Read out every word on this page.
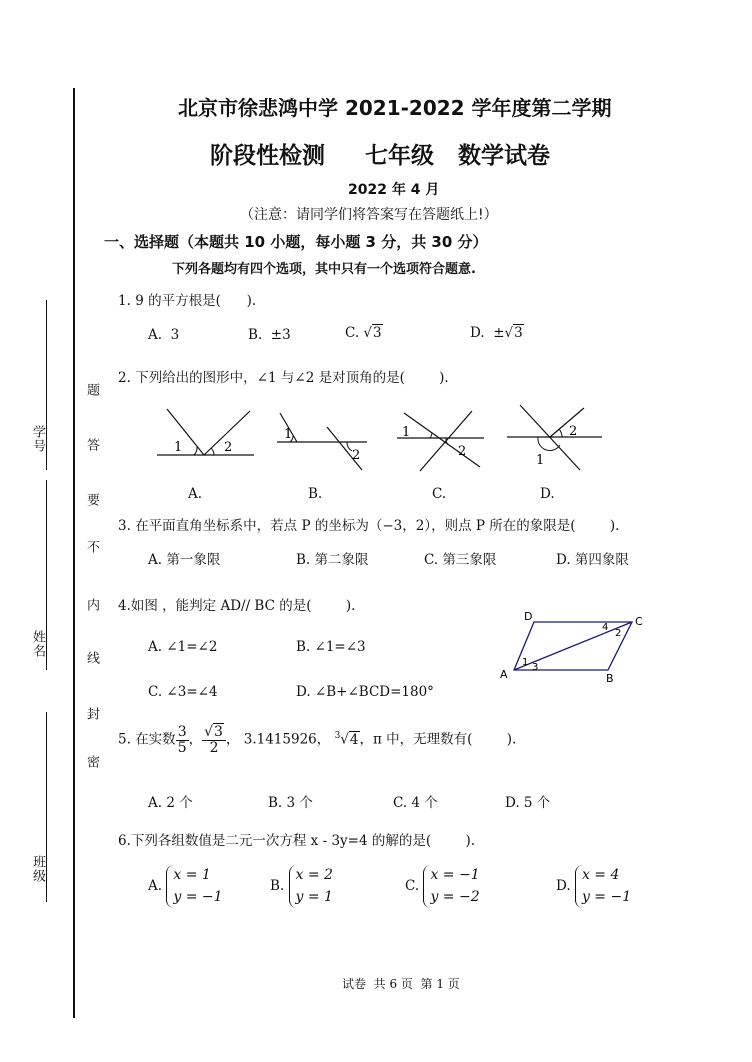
学号
姓名
班级
题
答
要
不
内
线
封
密
北京市徐悲鸿中学 2021-2022 学年度第二学期
阶段性检测     七年级   数学试卷
2022 年 4 月
（注意：请同学们将答案写在答题纸上!）
一、选择题（本题共 10 小题，每小题 3 分，共 30 分）
下列各题均有四个选项，其中只有一个选项符合题意.
1. 9 的平方根是(      ).
A.  3	B.  ±3	C. √3	D.  ±√3
2. 下列给出的图形中，∠1 与∠2 是对顶角的是(        ).
1	2
A.
1
2
B.
1
2
C.
1
2
D.
3. 在平面直角坐标系中，若点 P 的坐标为（−3，2），则点 P 所在的象限是(        ).
A. 第一象限	B. 第二象限	C. 第三象限	D. 第四象限
4.如图 ，能判定 AD// BC 的是(        ).
A. ∠1=∠2	B. ∠1=∠3
C. ∠3=∠4	D. ∠B+∠BCD=180°
A	B
C
D
1 3
4
2
5. 在实数 $\frac{3}{5}$ ， $\frac{√3}{2}$ ， 3.1415926， $^3$√4，π 中，无理数有(        ).
A. 2 个	B. 3 个	C. 4 个	D. 5 个
6.下列各组数值是二元一次方程 x - 3y=4 的解的是(        ).
A.
x = 1
y = −1
B.
x = 2
y = 1
C.
x = −1
y = −2
D.
x = 4
y = −1
试卷  共 6 页  第 1 页
